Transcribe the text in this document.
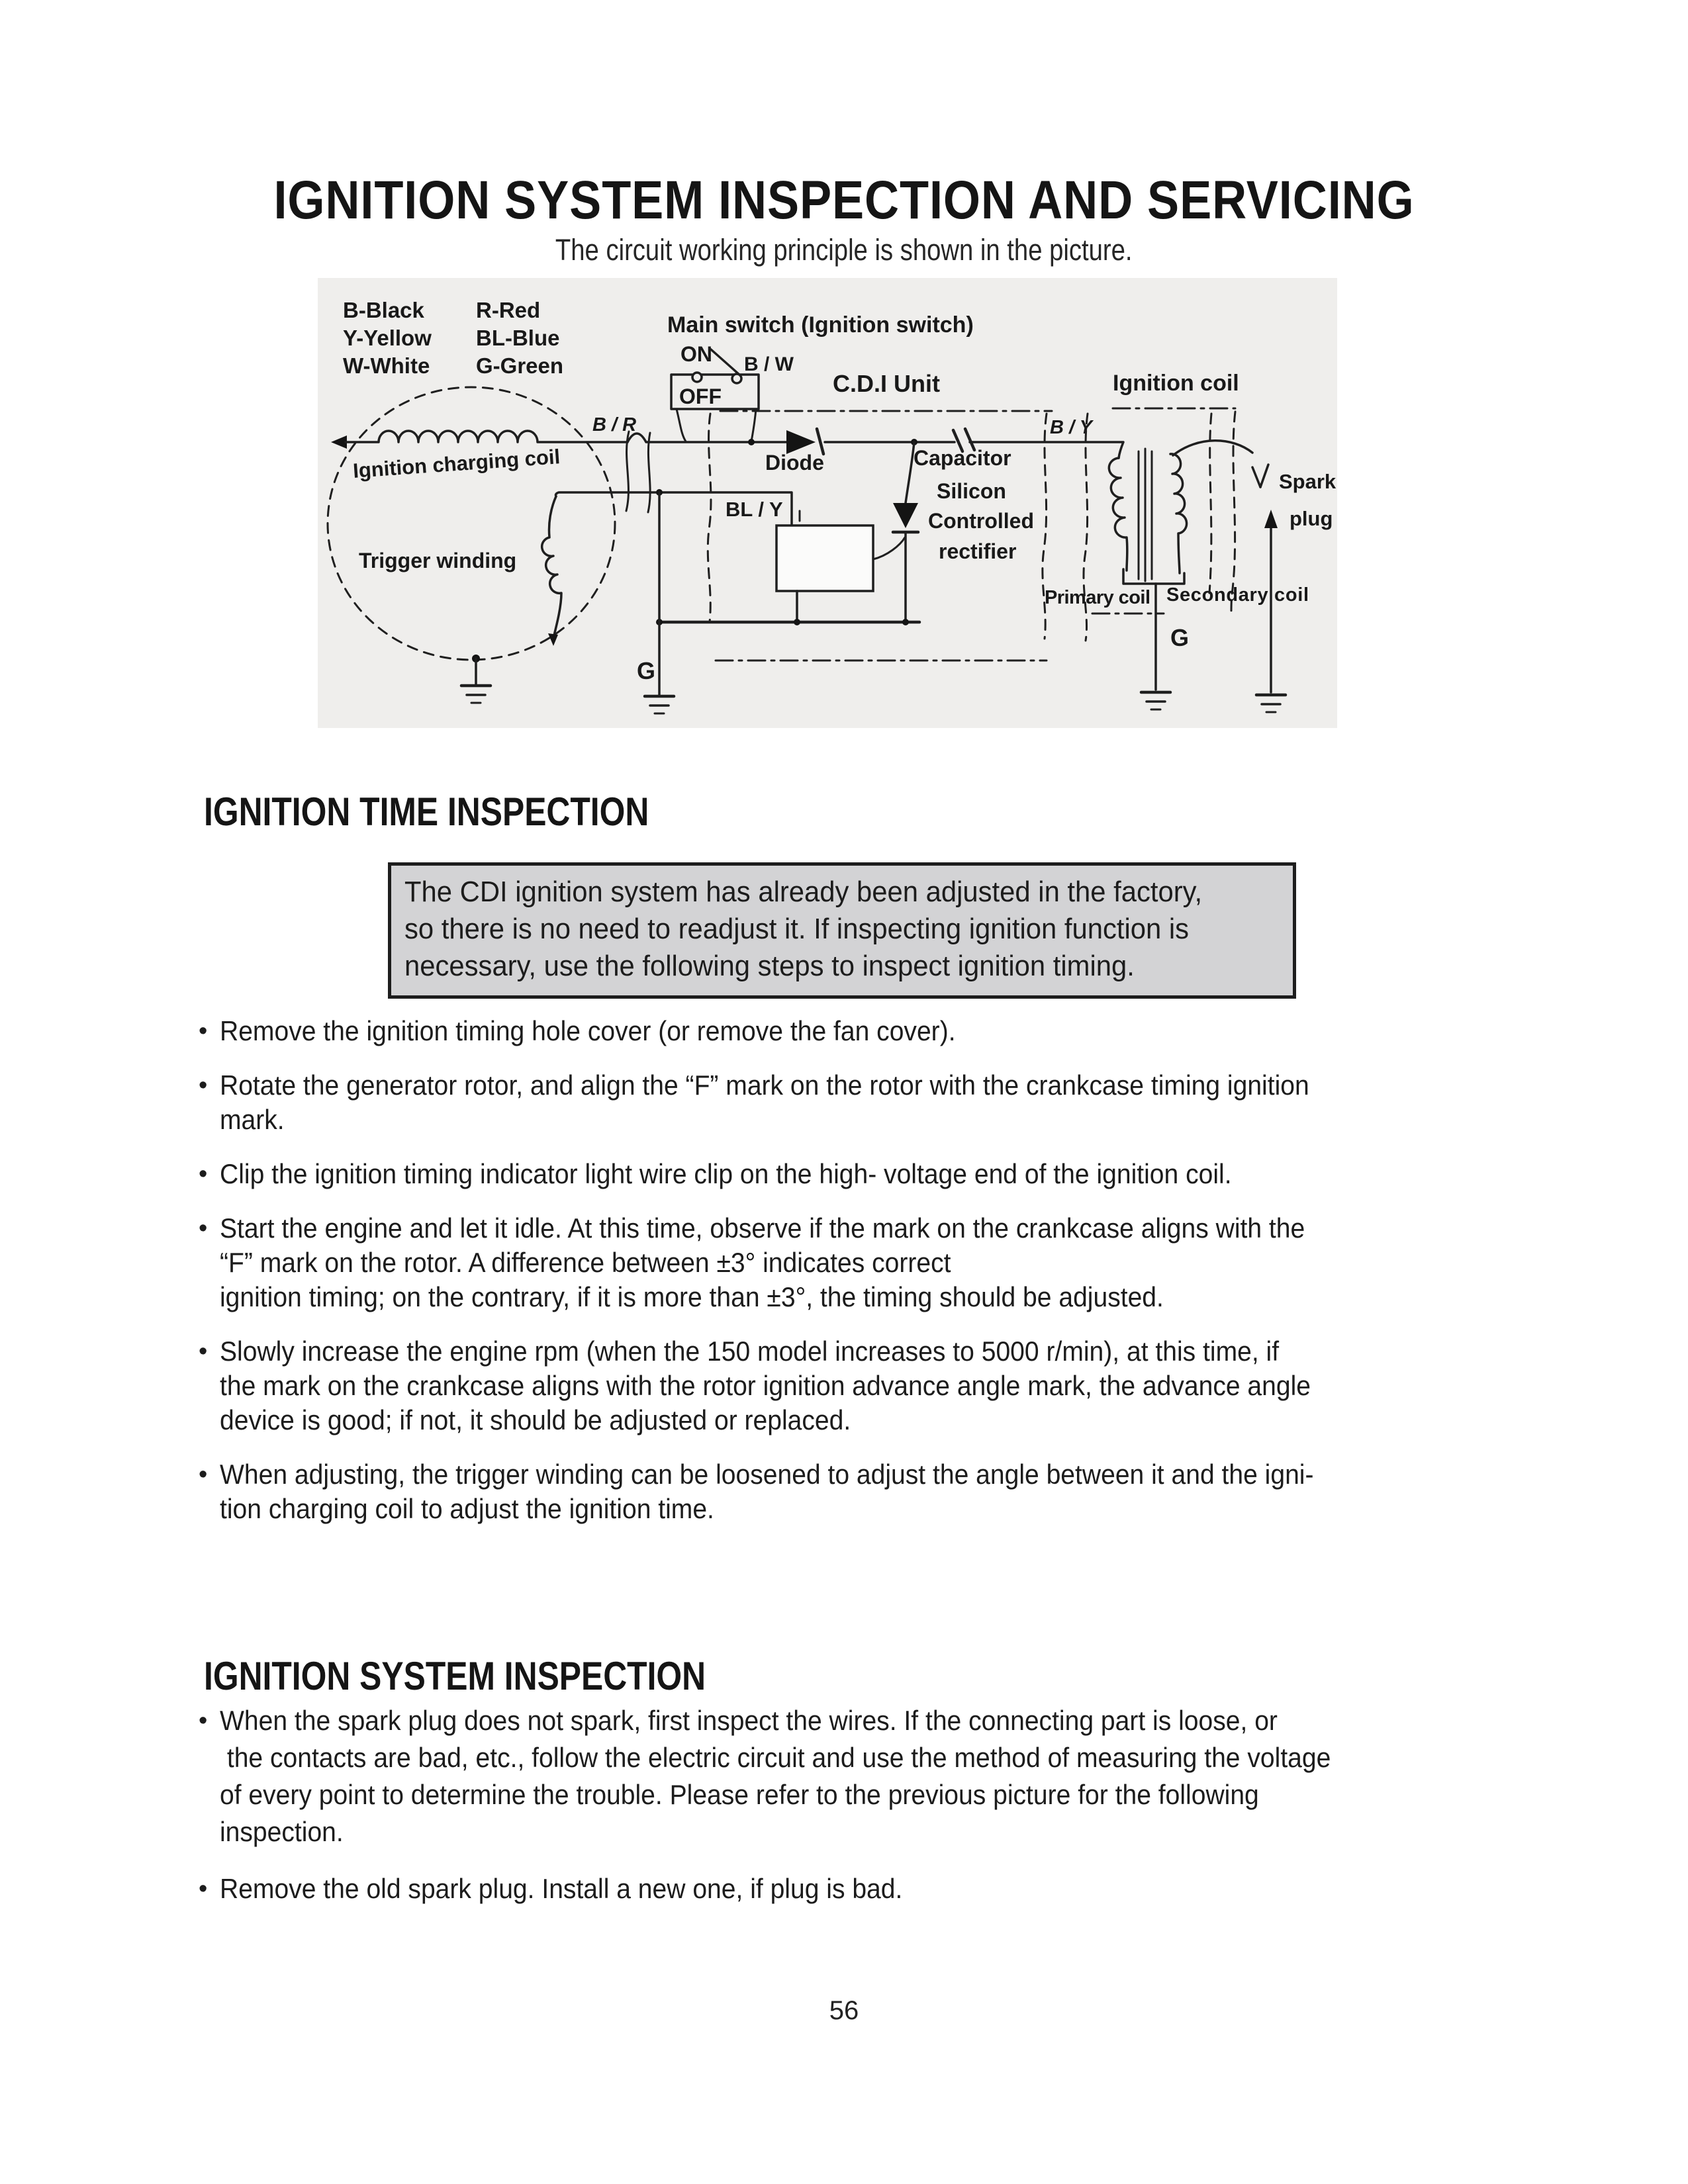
IGNITION SYSTEM INSPECTION AND SERVICING
The circuit working principle is shown in the picture.
B-Black
Y-Yellow
W-White
R-Red
BL-Blue
G-Green
Ignition charging coil
B / R	B / Y
Main switch (Ignition switch)
ON B / W
OFF	C.D.I Unit
Diode	Capacitor
Silicon
Controlled
rectifier
Trigger winding
BL / Y
G
Ignition coil
G
Primary coil Secondary coil
Spark
plug
IGNITION TIME INSPECTION
The CDI ignition system has already been adjusted in the factory,
so there is no need to readjust it. If inspecting ignition function is
necessary, use the following steps to inspect ignition timing.
• Remove the ignition timing hole cover (or remove the fan cover).
• Rotate the generator rotor, and align the “F” mark on the rotor with the crankcase timing ignition
mark.
• Clip the ignition timing indicator light wire clip on the high- voltage end of the ignition coil.
• Start the engine and let it idle. At this time, observe if the mark on the crankcase aligns with the
“F” mark on the rotor. A difference between ±3° indicates correct
ignition timing; on the contrary, if it is more than ±3°, the timing should be adjusted.
• Slowly increase the engine rpm (when the 150 model increases to 5000 r/min), at this time, if
the mark on the crankcase aligns with the rotor ignition advance angle mark, the advance angle
device is good; if not, it should be adjusted or replaced.
• When adjusting, the trigger winding can be loosened to adjust the angle between it and the igni-
tion charging coil to adjust the ignition time.
IGNITION SYSTEM INSPECTION
• When the spark plug does not spark, first inspect the wires. If the connecting part is loose, or
the contacts are bad, etc., follow the electric circuit and use the method of measuring the voltage
of every point to determine the trouble. Please refer to the previous picture for the following
inspection.
• Remove the old spark plug. Install a new one, if plug is bad.
56
